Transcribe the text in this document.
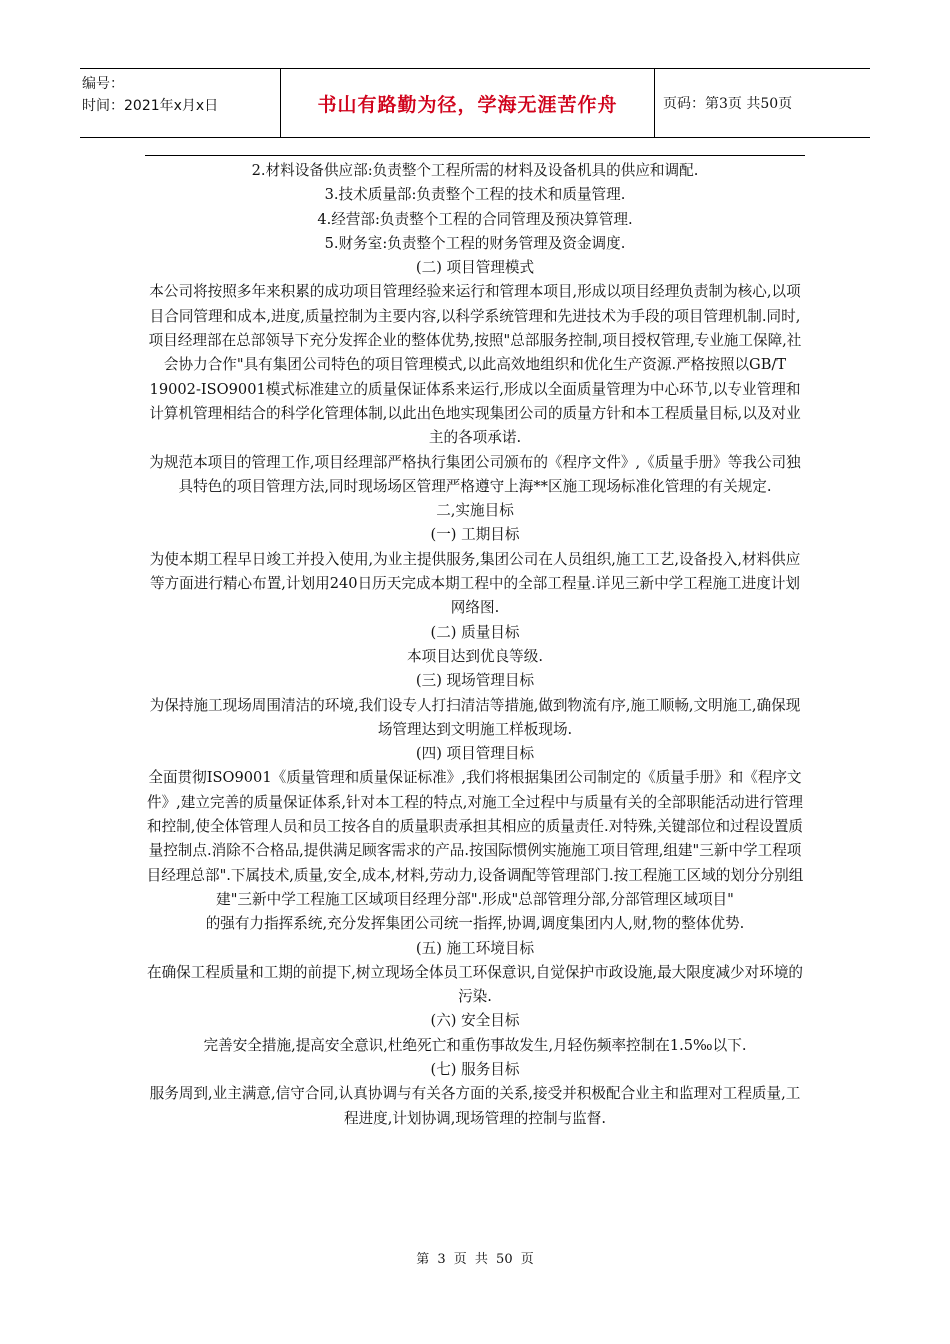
编号：
时间：2021年x月x日	书山有路勤为径，学海无涯苦作舟	页码：第3页 共50页

2.材料设备供应部:负责整个工程所需的材料及设备机具的供应和调配.

3.技术质量部:负责整个工程的技术和质量管理.

4.经营部:负责整个工程的合同管理及预决算管理.

5.财务室:负责整个工程的财务管理及资金调度.

(二) 项目管理模式

本公司将按照多年来积累的成功项目管理经验来运行和管理本项目,形成以项目经理负责制为核心,以项目合同管理和成本,进度,质量控制为主要内容,以科学系统管理和先进技术为手段的项目管理机制.同时,项目经理部在总部领导下充分发挥企业的整体优势,按照"总部服务控制,项目授权管理,专业施工保障,社会协力合作"具有集团公司特色的项目管理模式,以此高效地组织和优化生产资源.严格按照以GB/T 19002-ISO9001模式标准建立的质量保证体系来运行,形成以全面质量管理为中心环节,以专业管理和计算机管理相结合的科学化管理体制,以此出色地实现集团公司的质量方针和本工程质量目标,以及对业主的各项承诺.

为规范本项目的管理工作,项目经理部严格执行集团公司颁布的《程序文件》,《质量手册》等我公司独具特色的项目管理方法,同时现场场区管理严格遵守上海**区施工现场标准化管理的有关规定.

二,实施目标

(一) 工期目标

为使本期工程早日竣工并投入使用,为业主提供服务,集团公司在人员组织,施工工艺,设备投入,材料供应等方面进行精心布置,计划用240日历天完成本期工程中的全部工程量.详见三新中学工程施工进度计划网络图.

(二) 质量目标

本项目达到优良等级.

(三) 现场管理目标

为保持施工现场周围清洁的环境,我们设专人打扫清洁等措施,做到物流有序,施工顺畅,文明施工,确保现场管理达到文明施工样板现场.

(四) 项目管理目标

全面贯彻ISO9001《质量管理和质量保证标准》,我们将根据集团公司制定的《质量手册》和《程序文件》,建立完善的质量保证体系,针对本工程的特点,对施工全过程中与质量有关的全部职能活动进行管理和控制,使全体管理人员和员工按各自的质量职责承担其相应的质量责任.对特殊,关键部位和过程设置质量控制点.消除不合格品,提供满足顾客需求的产品.按国际惯例实施施工项目管理,组建"三新中学工程项目经理总部".下属技术,质量,安全,成本,材料,劳动力,设备调配等管理部门.按工程施工区域的划分分别组建"三新中学工程施工区域项目经理分部".形成"总部管理分部,分部管理区域项目"

的强有力指挥系统,充分发挥集团公司统一指挥,协调,调度集团内人,财,物的整体优势.

(五) 施工环境目标

在确保工程质量和工期的前提下,树立现场全体员工环保意识,自觉保护市政设施,最大限度减少对环境的污染.

(六) 安全目标

完善安全措施,提高安全意识,杜绝死亡和重伤事故发生,月轻伤频率控制在1.5‰以下.

(七) 服务目标

服务周到,业主满意,信守合同,认真协调与有关各方面的关系,接受并积极配合业主和监理对工程质量,工程进度,计划协调,现场管理的控制与监督.

第 3 页 共 50 页
